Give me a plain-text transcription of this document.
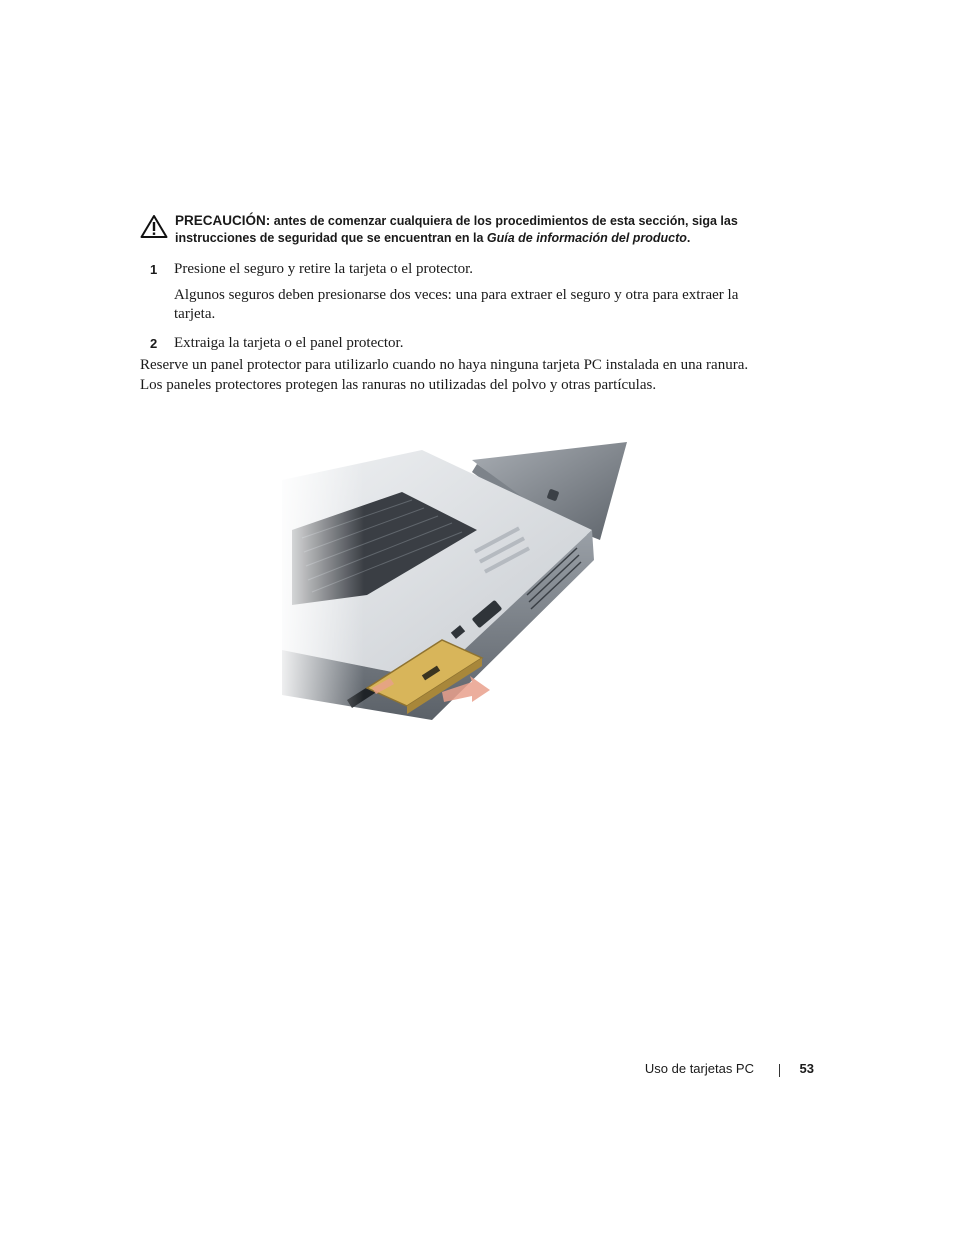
PRECAUCIÓN: antes de comenzar cualquiera de los procedimientos de esta sección, siga las instrucciones de seguridad que se encuentran en la Guía de información del producto.
1 Presione el seguro y retire la tarjeta o el protector.

Algunos seguros deben presionarse dos veces: una para extraer el seguro y otra para extraer la tarjeta.

2 Extraiga la tarjeta o el panel protector.

Reserve un panel protector para utilizarlo cuando no haya ninguna tarjeta PC instalada en una ranura. Los paneles protectores protegen las ranuras no utilizadas del polvo y otras partículas.

Uso de tarjetas PC	53
